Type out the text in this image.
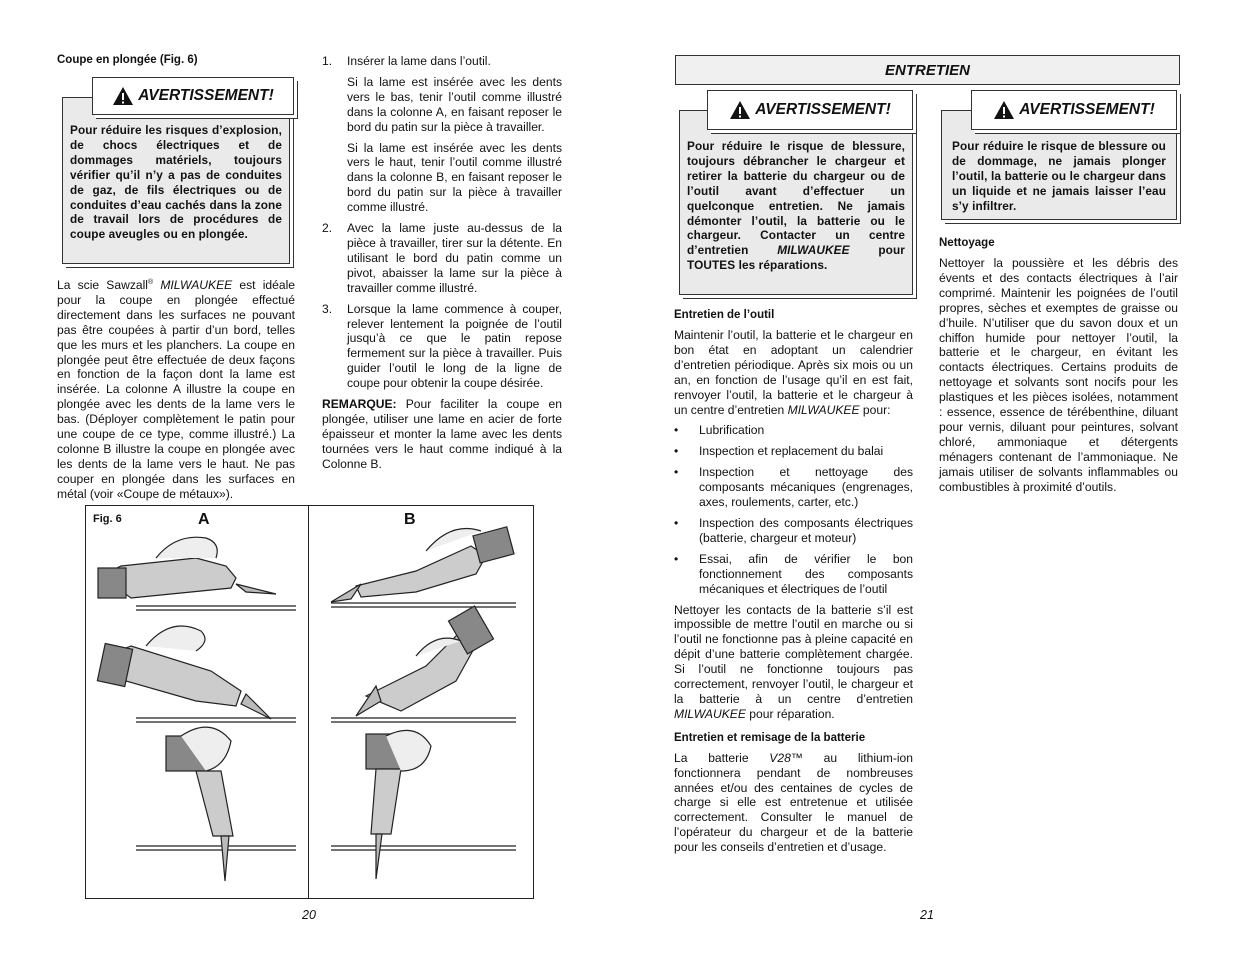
Coupe en plongée (Fig. 6)

Pour réduire les risques d’explosion, de chocs électriques et de dommages matériels, toujours vérifier qu’il n’y a pas de conduites de gaz, de fils électriques ou de conduites d’eau cachés dans la zone de travail lors de procédures de coupe aveugles ou en plongée.

AVERTISSEMENT!

La scie Sawzall® MILWAUKEE est idéale pour la coupe en plongée effectué directement dans les surfaces ne pouvant pas être coupées à partir d’un bord, telles que les murs et les planchers. La coupe en plongée peut être effectuée de deux façons en fonction de la façon dont la lame est insérée. La colonne A illustre la coupe en plongée avec les dents de la lame vers le bas. (Déployer complètement le patin pour une coupe de ce type, comme illustré.) La colonne B illustre la coupe en plongée avec les dents de la lame vers le haut. Ne pas couper en plongée dans les surfaces en métal (voir «Coupe de métaux»).

1. Insérer la lame dans l’outil.
Si la lame est insérée avec les dents vers le bas, tenir l’outil comme illustré dans la colonne A, en faisant reposer le bord du patin sur la pièce à travailler.
Si la lame est insérée avec les dents vers le haut, tenir l’outil comme illustré dans la colonne B, en faisant reposer le bord du patin sur la pièce à travailler comme illustré.
2. Avec la lame juste au-dessus de la pièce à travailler, tirer sur la détente. En utilisant le bord du patin comme un pivot, abaisser la lame sur la pièce à travailler comme illustré.
3. Lorsque la lame commence à couper, relever lentement la poignée de l’outil jusqu’à ce que le patin repose fermement sur la pièce à travailler. Puis guider l’outil le long de la ligne de coupe pour obtenir la coupe désirée.

REMARQUE: Pour faciliter la coupe en plongée, utiliser une lame en acier de forte épaisseur et monter la lame avec les dents tournées vers le haut comme indiqué à la Colonne B.

Fig. 6	A	B
20
ENTRETIEN

Pour réduire le risque de blessure, toujours débrancher le chargeur et retirer la batterie du chargeur ou de l’outil avant d’effectuer un quelconque entretien. Ne jamais démonter l’outil, la batterie ou le chargeur. Contacter un centre d’entretien MILWAUKEE pour TOUTES les réparations.

AVERTISSEMENT!

Pour réduire le risque de blessure ou de dommage, ne jamais plonger l’outil, la batterie ou le chargeur dans un liquide et ne jamais laisser l’eau s’y infiltrer.

AVERTISSEMENT!

Entretien de l’outil

Maintenir l’outil, la batterie et le chargeur en bon état en adoptant un calendrier d’entretien périodique. Après six mois ou un an, en fonction de l’usage qu’il en est fait, renvoyer l’outil, la batterie et le chargeur à un centre d’entretien MILWAUKEE pour:

• Lubrification
• Inspection et replacement du balai
• Inspection et nettoyage des composants mécaniques (engrenages, axes, roulements, carter, etc.)
• Inspection des composants électriques (batterie, chargeur et moteur)
• Essai, afin de vérifier le bon fonctionnement des composants mécaniques et électriques de l’outil

Nettoyer les contacts de la batterie s’il est impossible de mettre l’outil en marche ou si l’outil ne fonctionne pas à pleine capacité en dépit d’une batterie complètement chargée. Si l’outil ne fonctionne toujours pas correctement, renvoyer l’outil, le chargeur et la batterie à un centre d’entretien MILWAUKEE pour réparation.

Entretien et remisage de la batterie

La batterie V28™ au lithium-ion fonctionnera pendant de nombreuses années et/ou des centaines de cycles de charge si elle est entretenue et utilisée correctement. Consulter le manuel de l’opérateur du chargeur et de la batterie pour les conseils d’entretien et d’usage.

Nettoyage

Nettoyer la poussière et les débris des évents et des contacts électriques à l’air comprimé. Maintenir les poignées de l’outil propres, sèches et exemptes de graisse ou d’huile. N’utiliser que du savon doux et un chiffon humide pour nettoyer l’outil, la batterie et le chargeur, en évitant les contacts électriques. Certains produits de nettoyage et solvants sont nocifs pour les plastiques et les pièces isolées, notamment : essence, essence de térébenthine, diluant pour vernis, diluant pour peintures, solvant chloré, ammoniaque et détergents ménagers contenant de l’ammoniaque. Ne jamais utiliser de solvants inflammables ou combustibles à proximité d’outils.

21
